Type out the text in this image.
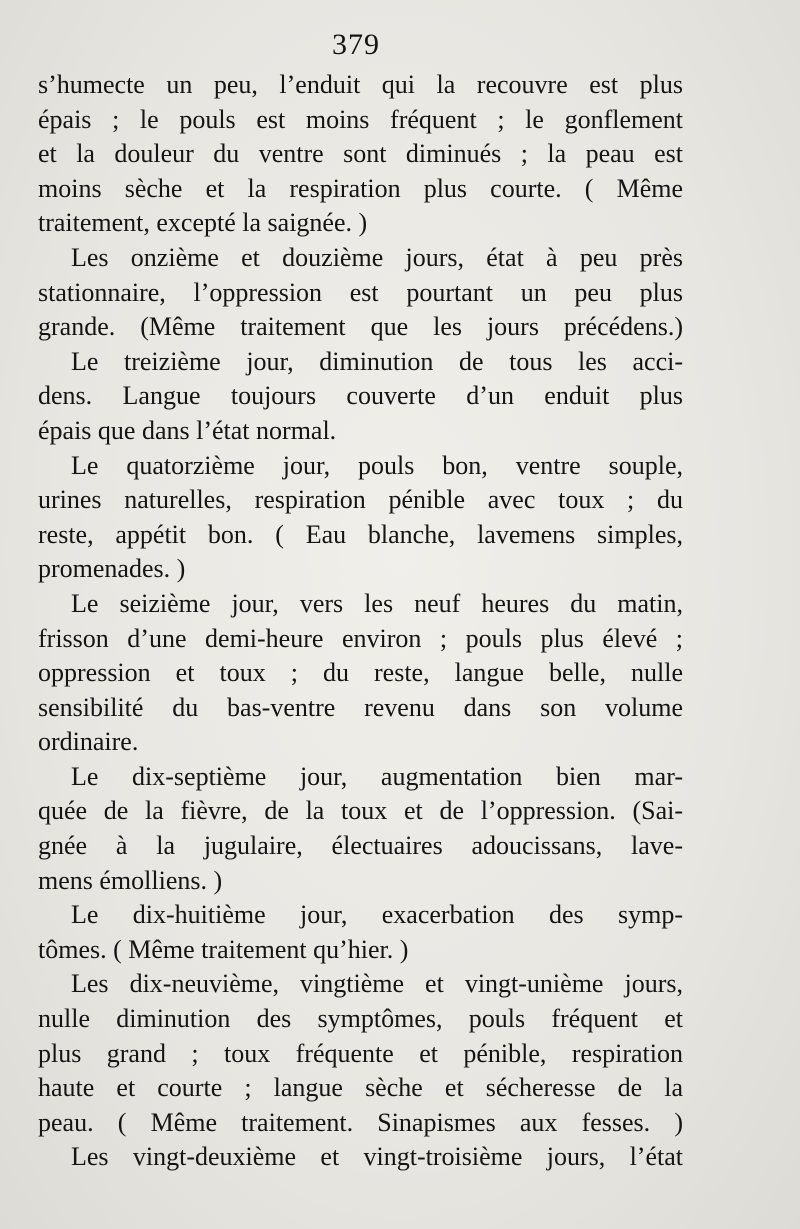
379
s’humecte un peu, l’enduit qui la recouvre est plus
épais ; le pouls est moins fréquent ; le gonflement
et la douleur du ventre sont diminués ; la peau est
moins sèche et la respiration plus courte. ( Même
traitement, excepté la saignée. )
Les onzième et douzième jours, état à peu près
stationnaire, l’oppression est pourtant un peu plus
grande. (Même traitement que les jours précédens.)
Le treizième jour, diminution de tous les acci-
dens. Langue toujours couverte d’un enduit plus
épais que dans l’état normal.
Le quatorzième jour, pouls bon, ventre souple,
urines naturelles, respiration pénible avec toux ; du
reste, appétit bon. ( Eau blanche, lavemens simples,
promenades. )
Le seizième jour, vers les neuf heures du matin,
frisson d’une demi-heure environ ; pouls plus élevé ;
oppression et toux ; du reste, langue belle, nulle
sensibilité du bas-ventre revenu dans son volume
ordinaire.
Le dix-septième jour, augmentation bien mar-
quée de la fièvre, de la toux et de l’oppression. (Sai-
gnée à la jugulaire, électuaires adoucissans, lave-
mens émolliens. )
Le dix-huitième jour, exacerbation des symp-
tômes. ( Même traitement qu’hier. )
Les dix-neuvième, vingtième et vingt-unième jours,
nulle diminution des symptômes, pouls fréquent et
plus grand ; toux fréquente et pénible, respiration
haute et courte ; langue sèche et sécheresse de la
peau. ( Même traitement. Sinapismes aux fesses. )
Les vingt-deuxième et vingt-troisième jours, l’état
